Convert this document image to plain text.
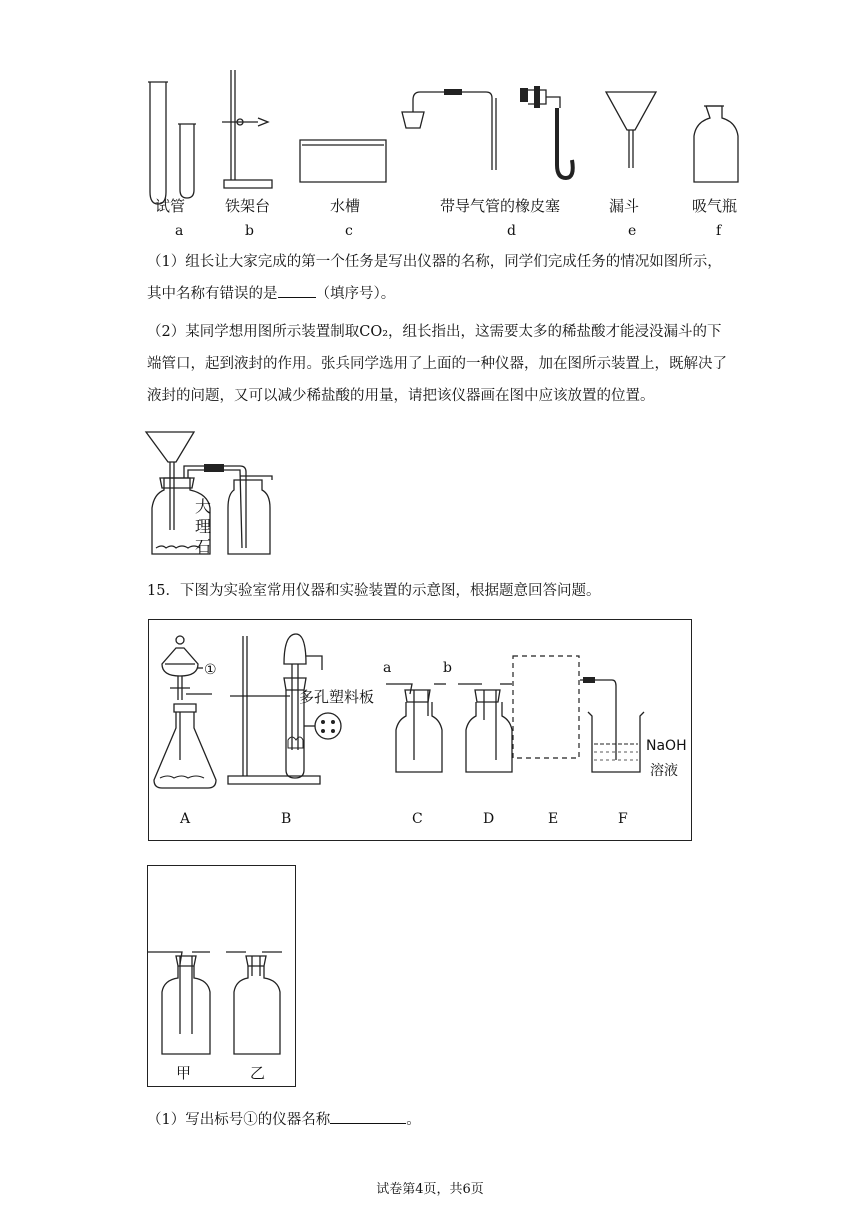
试管	铁架台	水槽	带导气管的橡皮塞	漏斗	吸气瓶
a	b	c	d	e	f
（1）组长让大家完成的第一个任务是写出仪器的名称，同学们完成任务的情况如图所示，其中名称有错误的是	（填序号）。
（2）某同学想用图所示装置制取CO₂，组长指出，这需要太多的稀盐酸才能浸没漏斗的下端管口，起到液封的作用。张兵同学选用了上面的一种仪器，加在图所示装置上，既解决了液封的问题，又可以减少稀盐酸的用量，请把该仪器画在图中应该放置的位置。
大理石
15．下图为实验室常用仪器和实验装置的示意图，根据题意回答问题。
①
多孔塑料板
a	b
NaOH
溶液
A	B	C	D	E	F
甲	乙
（1）写出标号①的仪器名称	。
试卷第4页，共6页
